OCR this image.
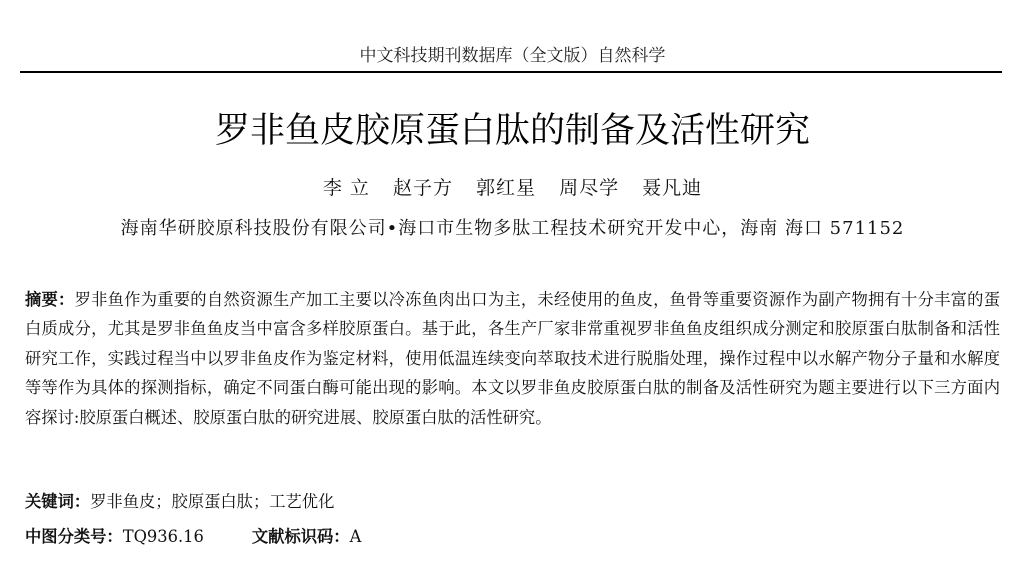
中文科技期刊数据库（全文版）自然科学
罗非鱼皮胶原蛋白肽的制备及活性研究
李 立 赵子方 郭红星 周尽学 聂凡迪
海南华研胶原科技股份有限公司•海口市生物多肽工程技术研究开发中心，海南 海口 571152
摘要：罗非鱼作为重要的自然资源生产加工主要以冷冻鱼肉出口为主，未经使用的鱼皮，鱼骨等重要资源作为副产物拥有十分丰富的蛋白质成分，尤其是罗非鱼鱼皮当中富含多样胶原蛋白。基于此，各生产厂家非常重视罗非鱼鱼皮组织成分测定和胶原蛋白肽制备和活性研究工作，实践过程当中以罗非鱼皮作为鉴定材料，使用低温连续变向萃取技术进行脱脂处理，操作过程中以水解产物分子量和水解度等等作为具体的探测指标，确定不同蛋白酶可能出现的影响。本文以罗非鱼皮胶原蛋白肽的制备及活性研究为题主要进行以下三方面内容探讨:胶原蛋白概述、胶原蛋白肽的研究进展、胶原蛋白肽的活性研究。
关键词：罗非鱼皮；胶原蛋白肽；工艺优化
中图分类号：TQ936.16	文献标识码：A
